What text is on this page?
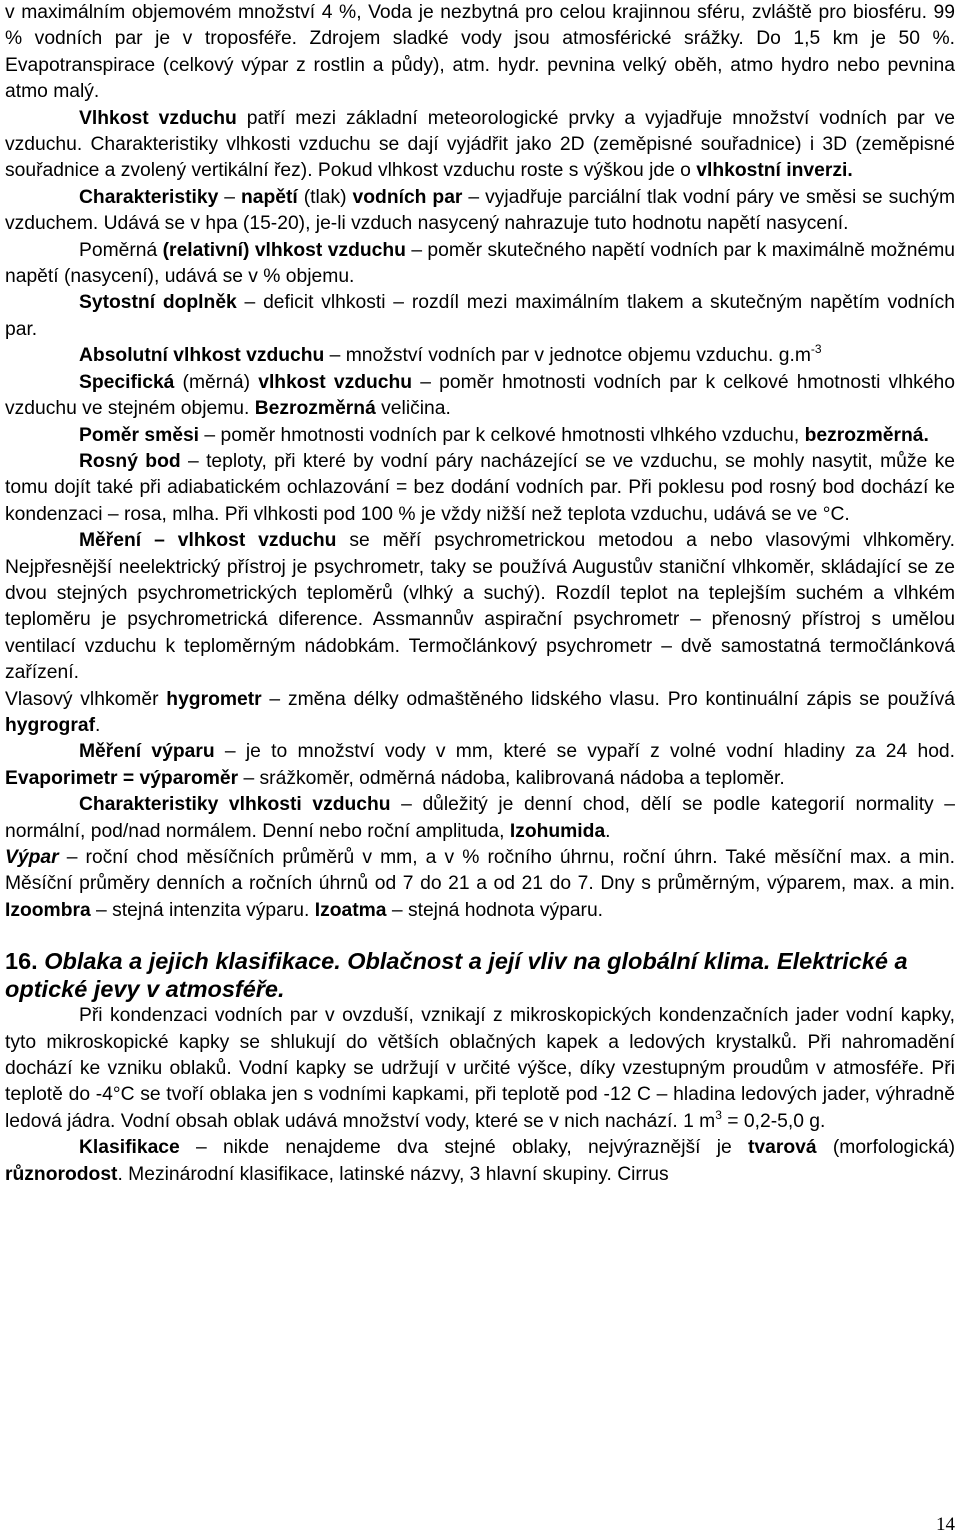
v maximálním objemovém množství 4 %, Voda je nezbytná pro celou krajinnou sféru, zvláště pro biosféru. 99 % vodních par je v troposféře. Zdrojem sladké vody jsou atmosférické srážky. Do 1,5 km je 50 %. Evapotranspirace (celkový výpar z rostlin a půdy), atm. hydr. pevnina velký oběh, atmo hydro nebo pevnina atmo malý.

Vlhkost vzduchu patří mezi základní meteorologické prvky a vyjadřuje množství vodních par ve vzduchu. Charakteristiky vlhkosti vzduchu se dají vyjádřit jako 2D (zeměpisné souřadnice) i 3D (zeměpisné souřadnice a zvolený vertikální řez). Pokud vlhkost vzduchu roste s výškou jde o vlhkostní inverzi.

Charakteristiky – napětí (tlak) vodních par – vyjadřuje parciální tlak vodní páry ve směsi se suchým vzduchem. Udává se v hpa (15-20), je-li vzduch nasycený nahrazuje tuto hodnotu napětí nasycení.

Poměrná (relativní) vlhkost vzduchu – poměr skutečného napětí vodních par k maximálně možnému napětí (nasycení), udává se v % objemu.

Sytostní doplněk – deficit vlhkosti – rozdíl mezi maximálním tlakem a skutečným napětím vodních par.

Absolutní vlhkost vzduchu – množství vodních par v jednotce objemu vzduchu. $g.m^{-3}$

Specifická (měrná) vlhkost vzduchu – poměr hmotnosti vodních par k celkové hmotnosti vlhkého vzduchu ve stejném objemu. Bezrozměrná veličina.

Poměr směsi – poměr hmotnosti vodních par k celkové hmotnosti vlhkého vzduchu, bezrozměrná.

Rosný bod – teploty, při které by vodní páry nacházející se ve vzduchu, se mohly nasytit, může ke tomu dojít také při adiabatickém ochlazování = bez dodání vodních par. Při poklesu pod rosný bod dochází ke kondenzaci – rosa, mlha. Při vlhkosti pod 100 % je vždy nižší než teplota vzduchu, udává se ve °C.

Měření – vlhkost vzduchu se měří psychrometrickou metodou a nebo vlasovými vlhkoměry. Nejpřesnější neelektrický přístroj je psychrometr, taky se používá Augustův staniční vlhkoměr, skládající se ze dvou stejných psychrometrických teploměrů (vlhký a suchý). Rozdíl teplot na teplejším suchém a vlhkém teploměru je psychrometrická diference. Assmannův aspirační psychrometr – přenosný přístroj s umělou ventilací vzduchu k teploměrným nádobkám. Termočlánkový psychrometr – dvě samostatná termočlánková zařízení.

Vlasový vlhkoměr hygrometr – změna délky odmaštěného lidského vlasu. Pro kontinuální zápis se používá hygrograf.

Měření výparu – je to množství vody v mm, které se vypaří z volné vodní hladiny za 24 hod. Evaporimetr = výparoměr – srážkoměr, odměrná nádoba, kalibrovaná nádoba a teploměr.

Charakteristiky vlhkosti vzduchu – důležitý je denní chod, dělí se podle kategorií normality – normální, pod/nad normálem. Denní nebo roční amplituda, Izohumida.

Výpar – roční chod měsíčních průměrů v mm, a v % ročního úhrnu, roční úhrn. Také měsíční max. a min. Měsíční průměry denních a ročních úhrnů od 7 do 21 a od 21 do 7. Dny s průměrným, výparem, max. a min. Izoombra – stejná intenzita výparu. Izoatma – stejná hodnota výparu.

16. Oblaka a jejich klasifikace. Oblačnost a její vliv na globální klima. Elektrické a optické jevy v atmosféře.

Při kondenzaci vodních par v ovzduší, vznikají z mikroskopických kondenzačních jader vodní kapky, tyto mikroskopické kapky se shlukují do větších oblačných kapek a ledových krystalků. Při nahromadění dochází ke vzniku oblaků. Vodní kapky se udržují v určité výšce, díky vzestupným proudům v atmosféře. Při teplotě do -4°C se tvoří oblaka jen s vodními kapkami, při teplotě pod -12 C – hladina ledových jader, výhradně ledová jádra. Vodní obsah oblak udává množství vody, které se v nich nachází. 1 $m^3 = 0,2-5,0$ g.

Klasifikace – nikde nenajdeme dva stejné oblaky, nejvýraznější je tvarová (morfologická) různorodost. Mezinárodní klasifikace, latinské názvy, 3 hlavní skupiny. Cirrus

14
